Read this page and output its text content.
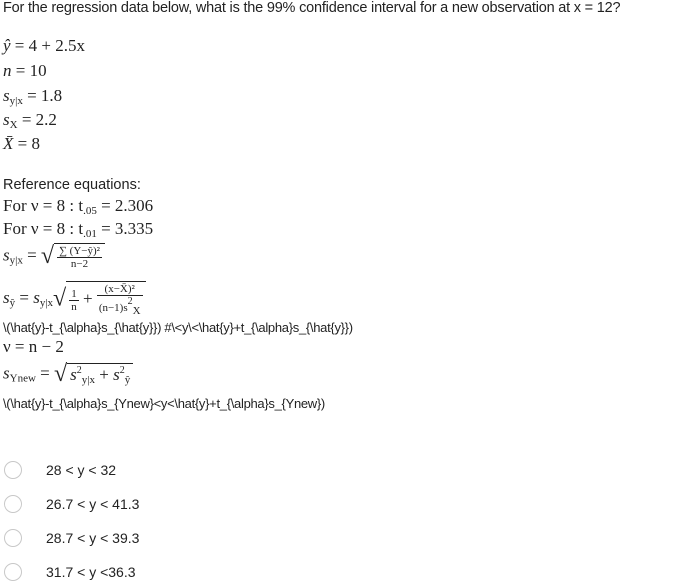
For the regression data below, what is the 99% confidence interval for a new observation at x = 12?
ŷ = 4 + 2.5x
n = 10
$s_{y|x} = 1.8$
$s_X = 2.2$
X̄ = 8
Reference equations:
For ν = 8 : $t_{.05} = 2.306$
For ν = 8 : $t_{.01} = 3.335$
$s_{y|x}$ = √ $\frac{\text{∑ (Y−ŷ)²}}{n-2}$
$s_ŷ = s_{y|x}√ \frac{1}{n} + \frac{\text{(x−X̄)²}}{(n-1)s2X}$
\(\hat{y}-t_{\alpha}s_{\hat{y}}) #\<y\<\hat{y}+t_{\alpha}s_{\hat{y}})
ν = n − 2
$s_{Ynew}$ = √ $s^2_{y|x} + s^2_ŷ$
\(\hat{y}-t_{\alpha}s_{Ynew}<y<\hat{y}+t_{\alpha}s_{Ynew})
28 < y < 32
26.7 < y < 41.3
28.7 < y < 39.3
31.7 < y <36.3
